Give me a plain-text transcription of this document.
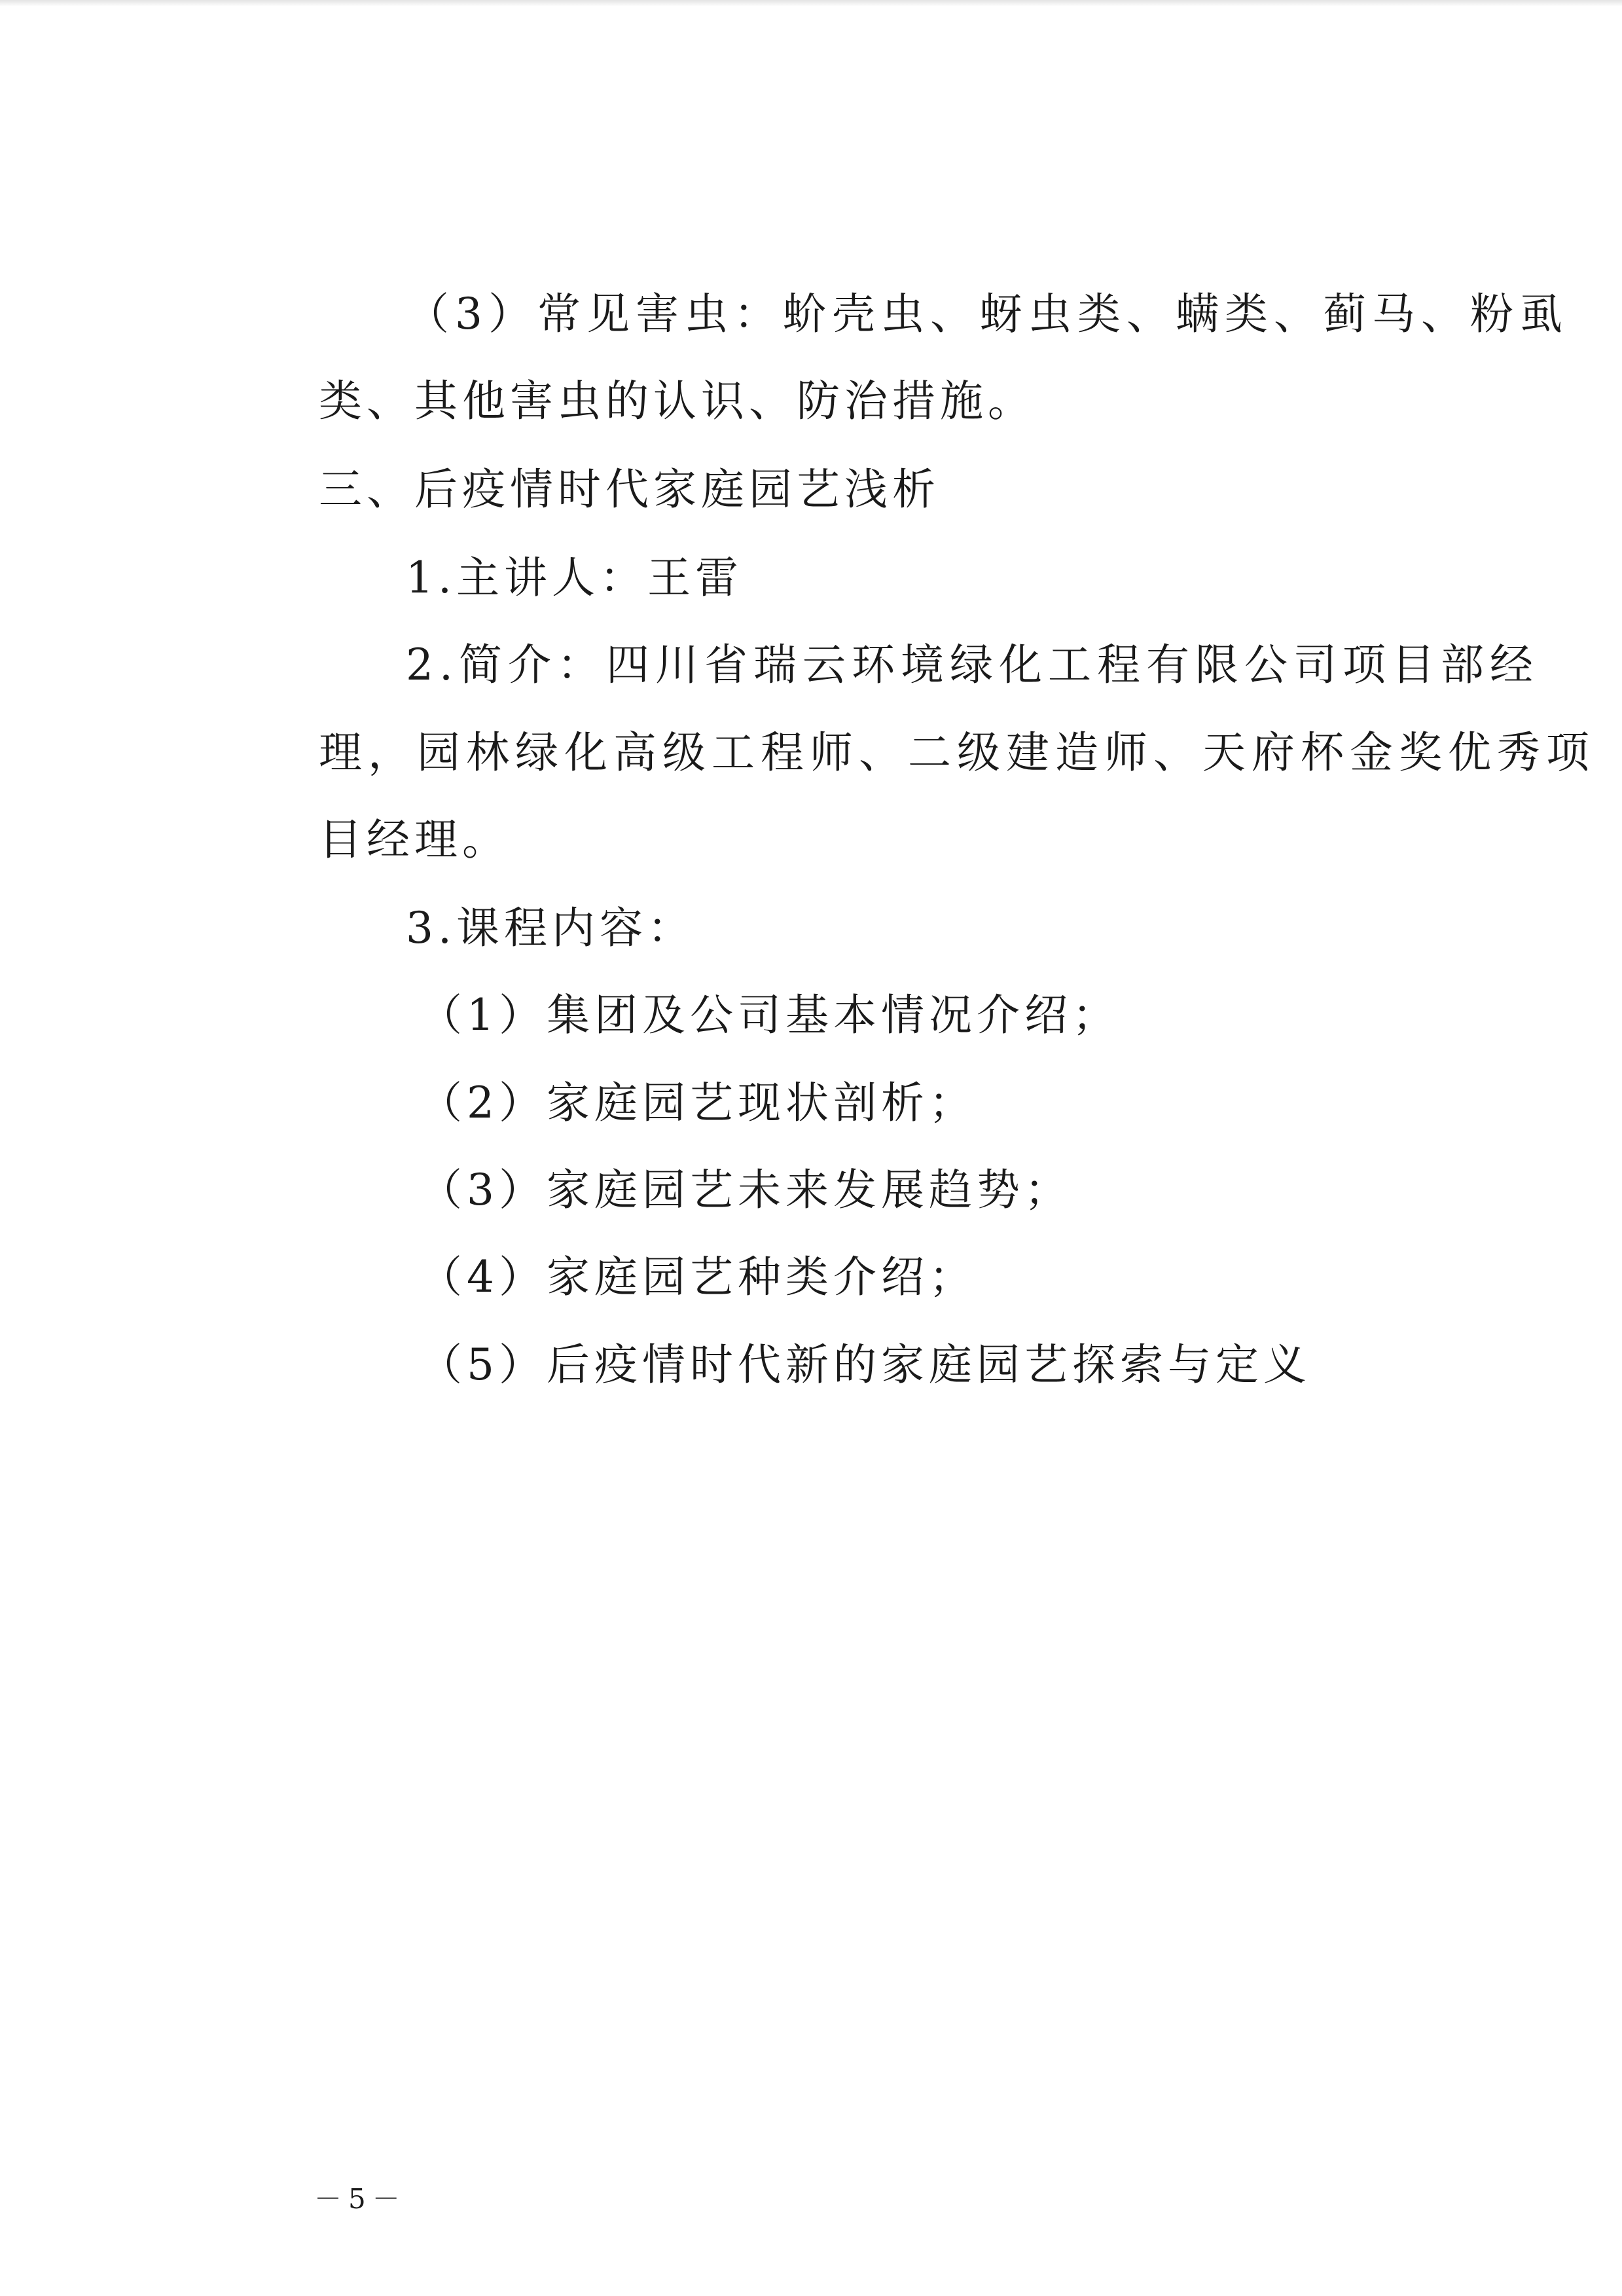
（3）常见害虫：蚧壳虫、蚜虫类、螨类、蓟马、粉虱
类、其他害虫的认识、防治措施。
三、后疫情时代家庭园艺浅析
1.主讲人：王雷
2.简介：四川省瑞云环境绿化工程有限公司项目部经
理，园林绿化高级工程师、二级建造师、天府杯金奖优秀项
目经理。
3.课程内容：
（1）集团及公司基本情况介绍；
（2）家庭园艺现状剖析；
（3）家庭园艺未来发展趋势；
（4）家庭园艺种类介绍；
（5）后疫情时代新的家庭园艺探索与定义
－5－
